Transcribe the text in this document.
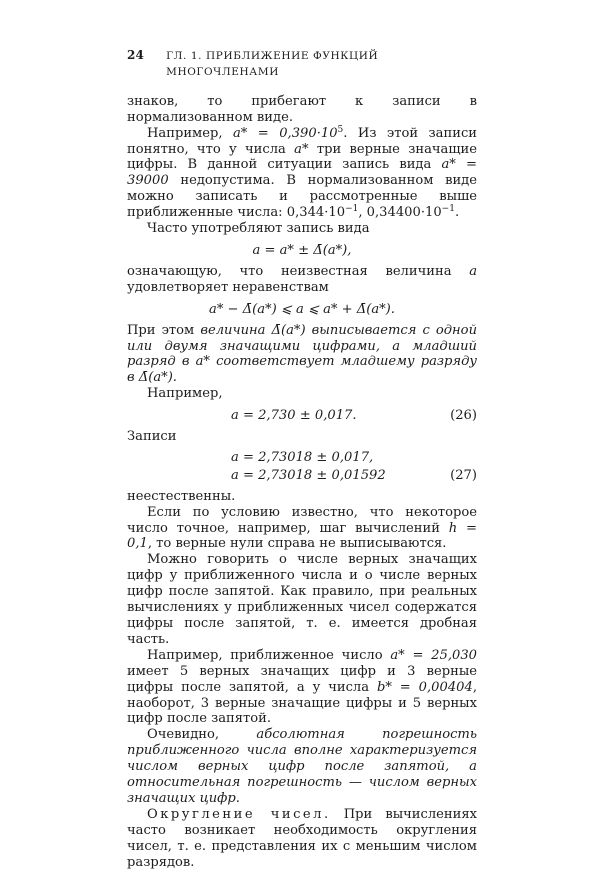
24 ГЛ. 1. ПРИБЛИЖЕНИЕ ФУНКЦИЙ МНОГОЧЛЕНАМИ

знаков, то прибегают к записи в нормализованном виде.

Например, $a* = 0,390\cdot 10^5$. Из этой записи понятно, что у числа a* три верные значащие цифры. В данной ситуации запись вида a* = 39000 недопустима. В нормализованном виде можно записать и рассмотренные выше приближенные числа: $0,344\cdot 10^{-1}$, $0,34400\cdot 10^{-1}$.

Часто употребляют запись вида

a = a* ± Δ̄(a*),

означающую, что неизвестная величина a удовлетворяет неравенствам

a* − Δ̄(a*) ⩽ a ⩽ a* + Δ̄(a*).

При этом величина Δ̄(a*) выписывается с одной или двумя значащими цифрами, а младший разряд в a* соответствует младшему разряду в Δ̄(a*).

Например,

a = 2,730 ± 0,017.	(26)

Записи

a = 2,73018 ± 0,017,
a = 2,73018 ± 0,01592	(27)

неестественны.

Если по условию известно, что некоторое число точное, например, шаг вычислений h = 0,1, то верные нули справа не выписываются.

Можно говорить о числе верных значащих цифр у приближенного числа и о числе верных цифр после запятой. Как правило, при реальных вычислениях у приближенных чисел содержатся цифры после запятой, т. е. имеется дробная часть.

Например, приближенное число a* = 25,030 имеет 5 верных значащих цифр и 3 верные цифры после запятой, а у числа b* = 0,00404, наоборот, 3 верные значащие цифры и 5 верных цифр после запятой.

Очевидно, абсолютная погрешность приближенного числа вполне характеризуется числом верных цифр после запятой, а относительная погрешность — числом верных значащих цифр.

Округление чисел. При вычислениях часто возникает необходимость округления чисел, т. е. представления их с меньшим числом разрядов.
